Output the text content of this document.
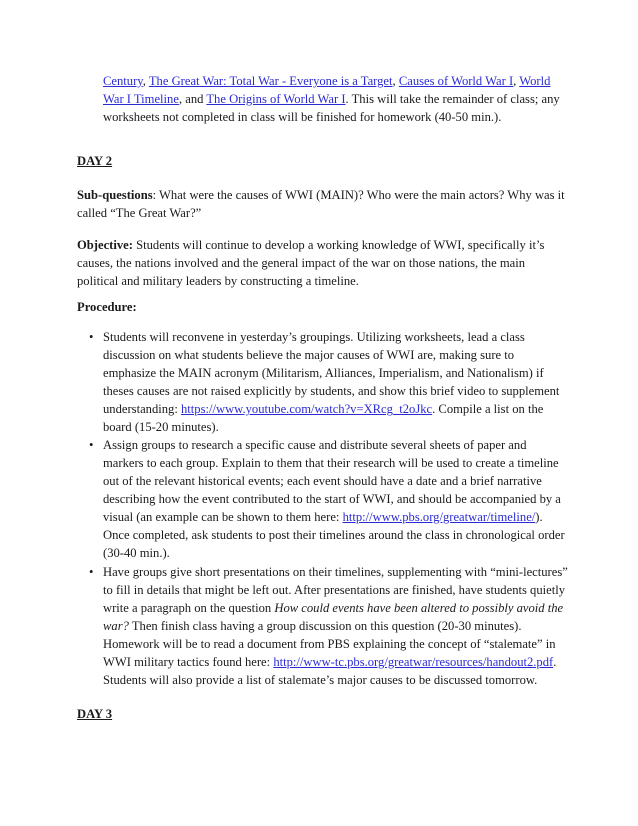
Century, The Great War: Total War - Everyone is a Target, Causes of World War I, World War I Timeline, and The Origins of World War I. This will take the remainder of class; any worksheets not completed in class will be finished for homework (40-50 min.).

DAY 2

Sub-questions: What were the causes of WWI (MAIN)? Who were the main actors? Why was it called “The Great War?”

Objective: Students will continue to develop a working knowledge of WWI, specifically it’s causes, the nations involved and the general impact of the war on those nations, the main political and military leaders by constructing a timeline.

Procedure:

• Students will reconvene in yesterday’s groupings. Utilizing worksheets, lead a class discussion on what students believe the major causes of WWI are, making sure to emphasize the MAIN acronym (Militarism, Alliances, Imperialism, and Nationalism) if theses causes are not raised explicitly by students, and show this brief video to supplement understanding: https://www.youtube.com/watch?v=XRcg_t2oJkc. Compile a list on the board (15-20 minutes).

• Assign groups to research a specific cause and distribute several sheets of paper and markers to each group. Explain to them that their research will be used to create a timeline out of the relevant historical events; each event should have a date and a brief narrative describing how the event contributed to the start of WWI, and should be accompanied by a visual (an example can be shown to them here: http://www.pbs.org/greatwar/timeline/). Once completed, ask students to post their timelines around the class in chronological order (30-40 min.).

• Have groups give short presentations on their timelines, supplementing with “mini-lectures” to fill in details that might be left out. After presentations are finished, have students quietly write a paragraph on the question How could events have been altered to possibly avoid the war? Then finish class having a group discussion on this question (20-30 minutes). Homework will be to read a document from PBS explaining the concept of “stalemate” in WWI military tactics found here: http://www-tc.pbs.org/greatwar/resources/handout2.pdf. Students will also provide a list of stalemate’s major causes to be discussed tomorrow.

DAY 3
